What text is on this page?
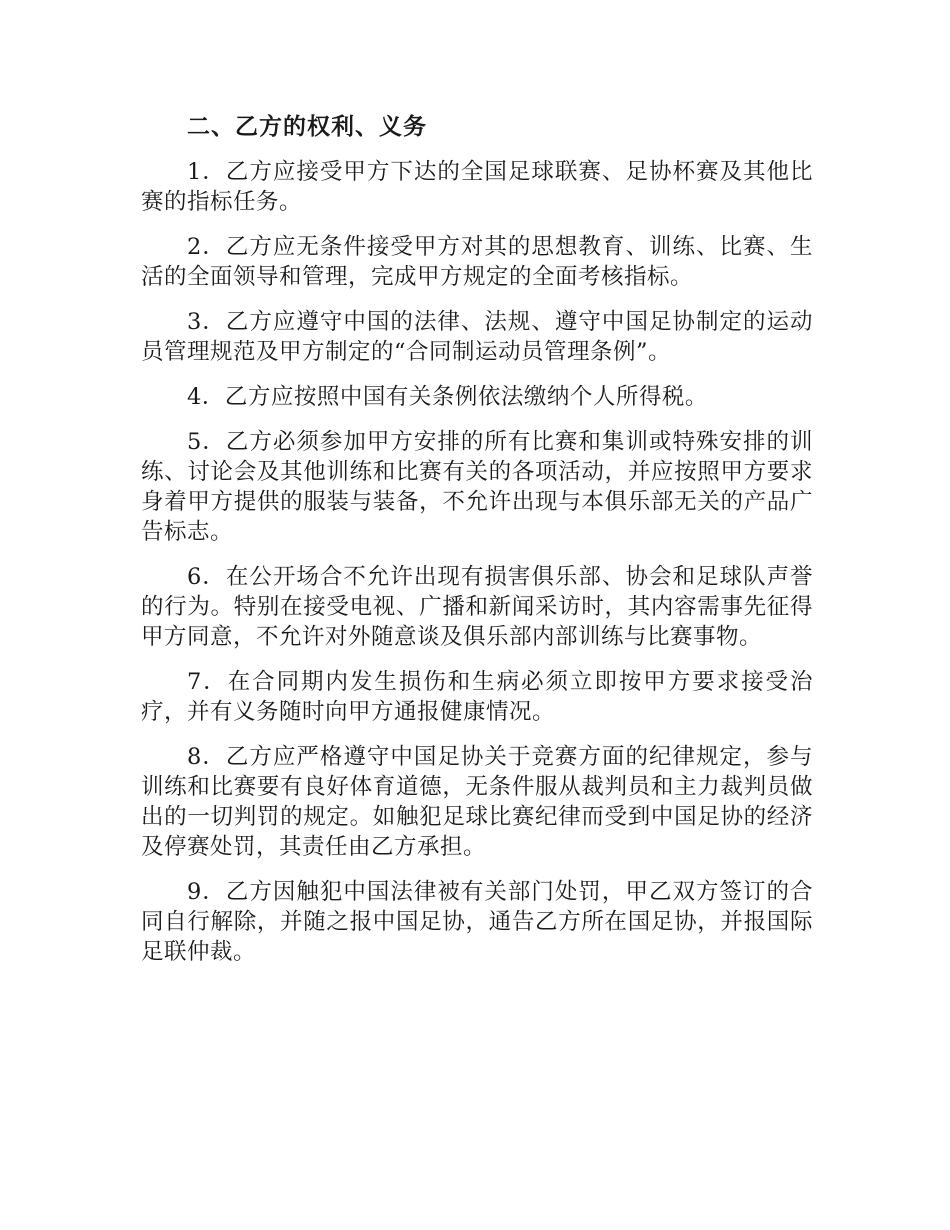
二、乙方的权利、义务

1．乙方应接受甲方下达的全国足球联赛、足协杯赛及其他比赛的指标任务。

2．乙方应无条件接受甲方对其的思想教育、训练、比赛、生活的全面领导和管理，完成甲方规定的全面考核指标。

3．乙方应遵守中国的法律、法规、遵守中国足协制定的运动员管理规范及甲方制定的“合同制运动员管理条例”。

4．乙方应按照中国有关条例依法缴纳个人所得税。

5．乙方必须参加甲方安排的所有比赛和集训或特殊安排的训练、讨论会及其他训练和比赛有关的各项活动，并应按照甲方要求身着甲方提供的服装与装备，不允许出现与本俱乐部无关的产品广告标志。

6．在公开场合不允许出现有损害俱乐部、协会和足球队声誉的行为。特别在接受电视、广播和新闻采访时，其内容需事先征得甲方同意，不允许对外随意谈及俱乐部内部训练与比赛事物。

7．在合同期内发生损伤和生病必须立即按甲方要求接受治疗，并有义务随时向甲方通报健康情况。

8．乙方应严格遵守中国足协关于竞赛方面的纪律规定，参与训练和比赛要有良好体育道德，无条件服从裁判员和主力裁判员做出的一切判罚的规定。如触犯足球比赛纪律而受到中国足协的经济及停赛处罚，其责任由乙方承担。

9．乙方因触犯中国法律被有关部门处罚，甲乙双方签订的合同自行解除，并随之报中国足协，通告乙方所在国足协，并报国际足联仲裁。
